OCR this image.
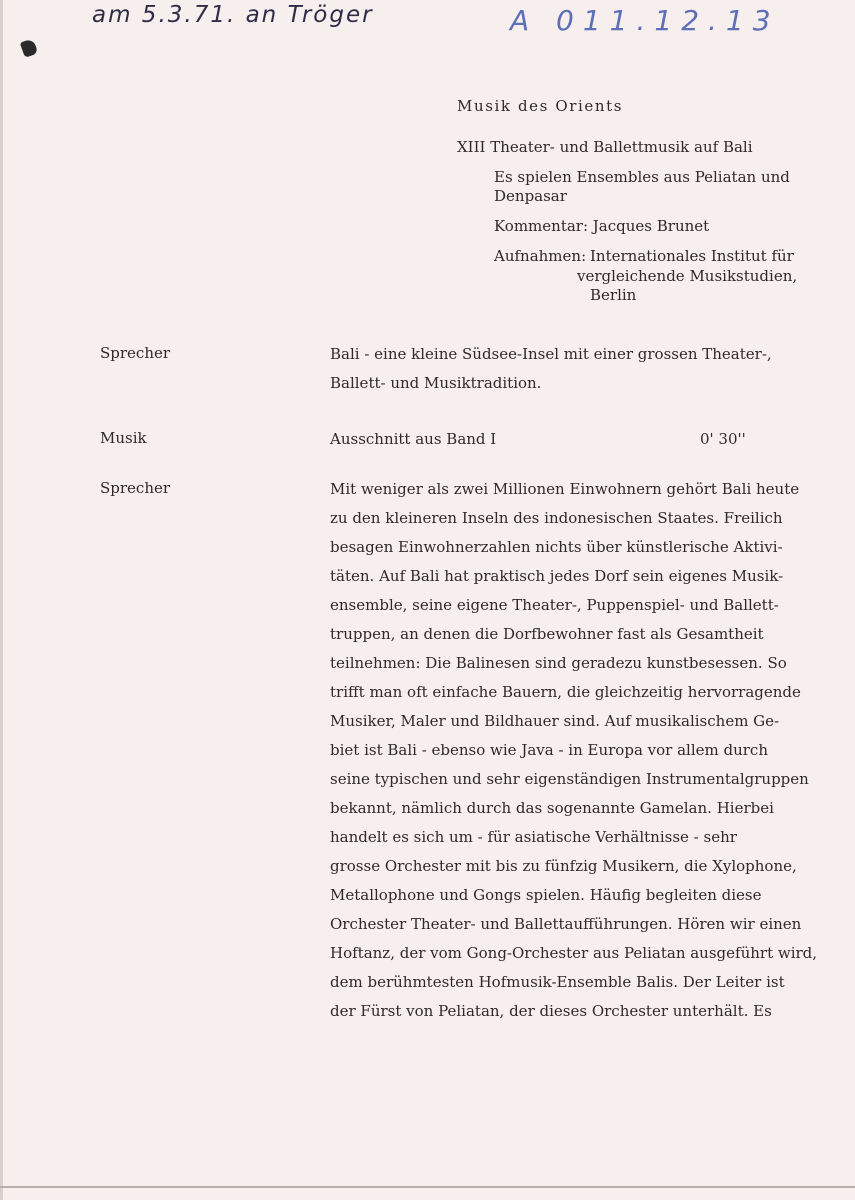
am 5.3.71. an Tröger	A 011.12.13
Musik des Orients
XIII Theater- und Ballettmusik auf Bali
Es spielen Ensembles aus Peliatan und
Denpasar
Kommentar: Jacques Brunet
Aufnahmen: Internationales Institut für
vergleichende Musikstudien,
Berlin
Sprecher	Bali - eine kleine Südsee-Insel mit einer grossen Theater-,
Ballett- und Musiktradition.
Musik	Ausschnitt aus Band I	0' 30''
Sprecher	Mit weniger als zwei Millionen Einwohnern gehört Bali heute
zu den kleineren Inseln des indonesischen Staates. Freilich
besagen Einwohnerzahlen nichts über künstlerische Aktivi-
täten. Auf Bali hat praktisch jedes Dorf sein eigenes Musik-
ensemble, seine eigene Theater-, Puppenspiel- und Ballett-
truppen, an denen die Dorfbewohner fast als Gesamtheit
teilnehmen: Die Balinesen sind geradezu kunstbesessen. So
trifft man oft einfache Bauern, die gleichzeitig hervorragende
Musiker, Maler und Bildhauer sind. Auf musikalischem Ge-
biet ist Bali - ebenso wie Java - in Europa vor allem durch
seine typischen und sehr eigenständigen Instrumentalgruppen
bekannt, nämlich durch das sogenannte Gamelan. Hierbei
handelt es sich um - für asiatische Verhältnisse - sehr
grosse Orchester mit bis zu fünfzig Musikern, die Xylophone,
Metallophone und Gongs spielen. Häufig begleiten diese
Orchester Theater- und Ballettaufführungen. Hören wir einen
Hoftanz, der vom Gong-Orchester aus Peliatan ausgeführt wird,
dem berühmtesten Hofmusik-Ensemble Balis. Der Leiter ist
der Fürst von Peliatan, der dieses Orchester unterhält. Es
